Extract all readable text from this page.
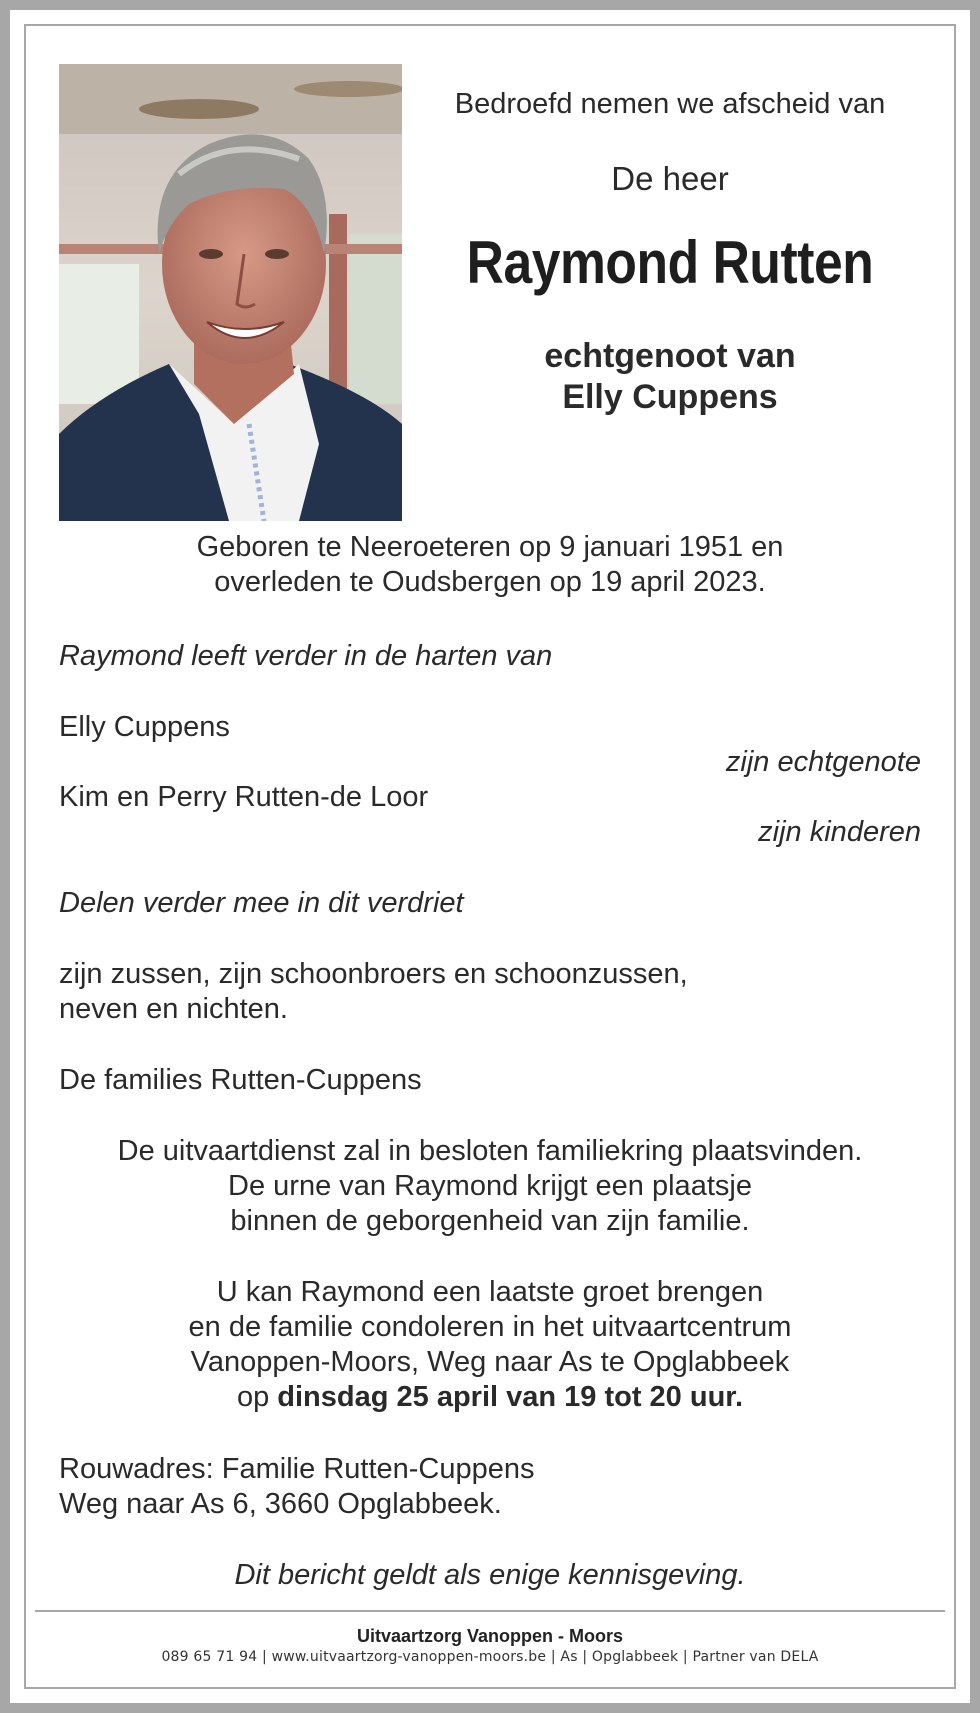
Bedroefd nemen we afscheid van
De heer
Raymond Rutten
echtgenoot van
Elly Cuppens
Geboren te Neeroeteren op 9 januari 1951 en
overleden te Oudsbergen op 19 april 2023.
Raymond leeft verder in de harten van
Elly Cuppens
zijn echtgenote
Kim en Perry Rutten-de Loor
zijn kinderen
Delen verder mee in dit verdriet
zijn zussen, zijn schoonbroers en schoonzussen,
neven en nichten.
De families Rutten-Cuppens
De uitvaartdienst zal in besloten familiekring plaatsvinden.
De urne van Raymond krijgt een plaatsje
binnen de geborgenheid van zijn familie.
U kan Raymond een laatste groet brengen
en de familie condoleren in het uitvaartcentrum
Vanoppen-Moors, Weg naar As te Opglabbeek
op dinsdag 25 april van 19 tot 20 uur.
Rouwadres: Familie Rutten-Cuppens
Weg naar As 6, 3660 Opglabbeek.
Dit bericht geldt als enige kennisgeving.
Uitvaartzorg Vanoppen - Moors
089 65 71 94 | www.uitvaartzorg-vanoppen-moors.be | As | Opglabbeek | Partner van DELA
